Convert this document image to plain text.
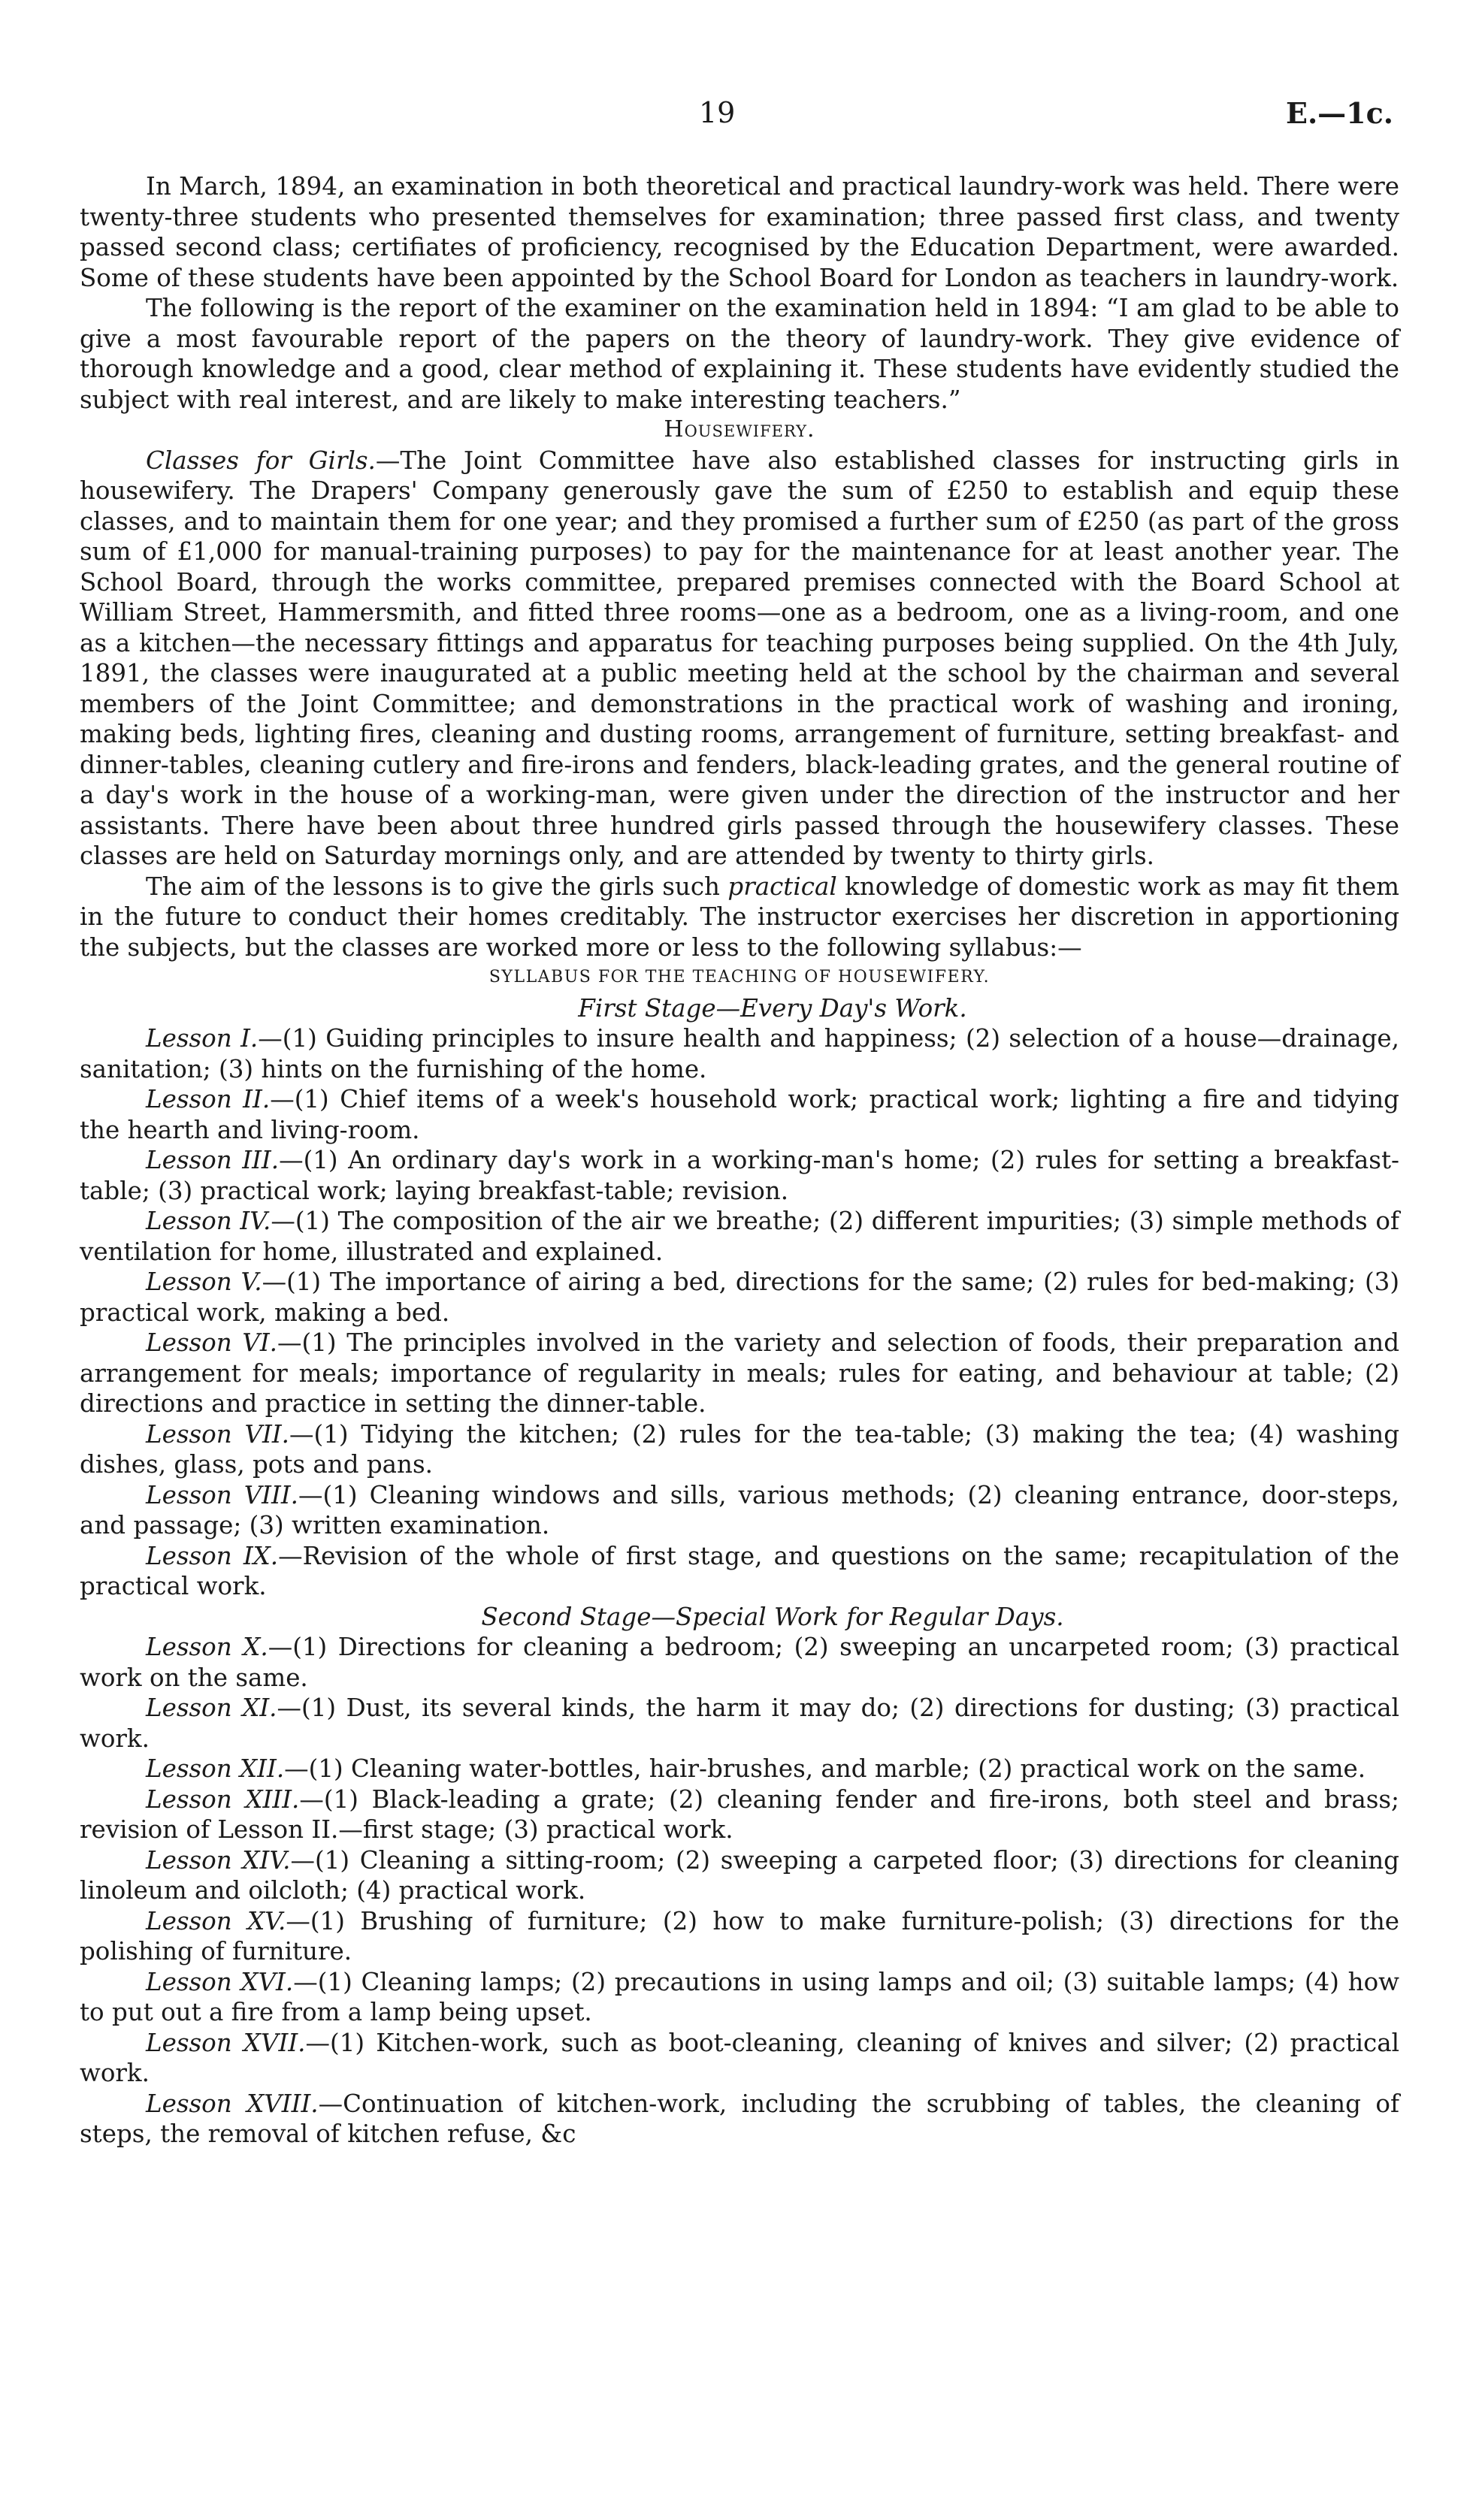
19	E.—1c.

In March, 1894, an examination in both theoretical and practical laundry-work was held. There were twenty-three students who presented themselves for examination; three passed first class, and twenty passed second class; certifiates of proficiency, recognised by the Education Department, were awarded. Some of these students have been appointed by the School Board for London as teachers in laundry-work.

The following is the report of the examiner on the examination held in 1894: “I am glad to be able to give a most favourable report of the papers on the theory of laundry-work. They give evidence of thorough knowledge and a good, clear method of explaining it. These students have evidently studied the subject with real interest, and are likely to make interesting teachers.”

Housewifery.

Classes for Girls.—The Joint Committee have also established classes for instructing girls in housewifery. The Drapers' Company generously gave the sum of £250 to establish and equip these classes, and to maintain them for one year; and they promised a further sum of £250 (as part of the gross sum of £1,000 for manual-training purposes) to pay for the maintenance for at least another year. The School Board, through the works committee, prepared premises connected with the Board School at William Street, Hammersmith, and fitted three rooms—one as a bedroom, one as a living-room, and one as a kitchen—the necessary fittings and apparatus for teaching purposes being supplied. On the 4th July, 1891, the classes were inaugurated at a public meeting held at the school by the chairman and several members of the Joint Committee; and demonstrations in the practical work of washing and ironing, making beds, lighting fires, cleaning and dusting rooms, arrangement of furniture, setting breakfast- and dinner-tables, cleaning cutlery and fire-irons and fenders, black-leading grates, and the general routine of a day's work in the house of a working-man, were given under the direction of the instructor and her assistants. There have been about three hundred girls passed through the housewifery classes. These classes are held on Saturday mornings only, and are attended by twenty to thirty girls.

The aim of the lessons is to give the girls such practical knowledge of domestic work as may fit them in the future to conduct their homes creditably. The instructor exercises her discretion in apportioning the subjects, but the classes are worked more or less to the following syllabus:—

SYLLABUS FOR THE TEACHING OF HOUSEWIFERY.

First Stage—Every Day's Work.

Lesson I.—(1) Guiding principles to insure health and happiness; (2) selection of a house—drainage, sanitation; (3) hints on the furnishing of the home.

Lesson II.—(1) Chief items of a week's household work; practical work; lighting a fire and tidying the hearth and living-room.

Lesson III.—(1) An ordinary day's work in a working-man's home; (2) rules for setting a breakfast-table; (3) practical work; laying breakfast-table; revision.

Lesson IV.—(1) The composition of the air we breathe; (2) different impurities; (3) simple methods of ventilation for home, illustrated and explained.

Lesson V.—(1) The importance of airing a bed, directions for the same; (2) rules for bed-making; (3) practical work, making a bed.

Lesson VI.—(1) The principles involved in the variety and selection of foods, their preparation and arrangement for meals; importance of regularity in meals; rules for eating, and behaviour at table; (2) directions and practice in setting the dinner-table.

Lesson VII.—(1) Tidying the kitchen; (2) rules for the tea-table; (3) making the tea; (4) washing dishes, glass, pots and pans.

Lesson VIII.—(1) Cleaning windows and sills, various methods; (2) cleaning entrance, door-steps, and passage; (3) written examination.

Lesson IX.—Revision of the whole of first stage, and questions on the same; recapitulation of the practical work.

Second Stage—Special Work for Regular Days.

Lesson X.—(1) Directions for cleaning a bedroom; (2) sweeping an uncarpeted room; (3) practical work on the same.

Lesson XI.—(1) Dust, its several kinds, the harm it may do; (2) directions for dusting; (3) practical work.

Lesson XII.—(1) Cleaning water-bottles, hair-brushes, and marble; (2) practical work on the same.

Lesson XIII.—(1) Black-leading a grate; (2) cleaning fender and fire-irons, both steel and brass; revision of Lesson II.—first stage; (3) practical work.

Lesson XIV.—(1) Cleaning a sitting-room; (2) sweeping a carpeted floor; (3) directions for cleaning linoleum and oilcloth; (4) practical work.

Lesson XV.—(1) Brushing of furniture; (2) how to make furniture-polish; (3) directions for the polishing of furniture.

Lesson XVI.—(1) Cleaning lamps; (2) precautions in using lamps and oil; (3) suitable lamps; (4) how to put out a fire from a lamp being upset.

Lesson XVII.—(1) Kitchen-work, such as boot-cleaning, cleaning of knives and silver; (2) practical work.

Lesson XVIII.—Continuation of kitchen-work, including the scrubbing of tables, the cleaning of steps, the removal of kitchen refuse, &c
